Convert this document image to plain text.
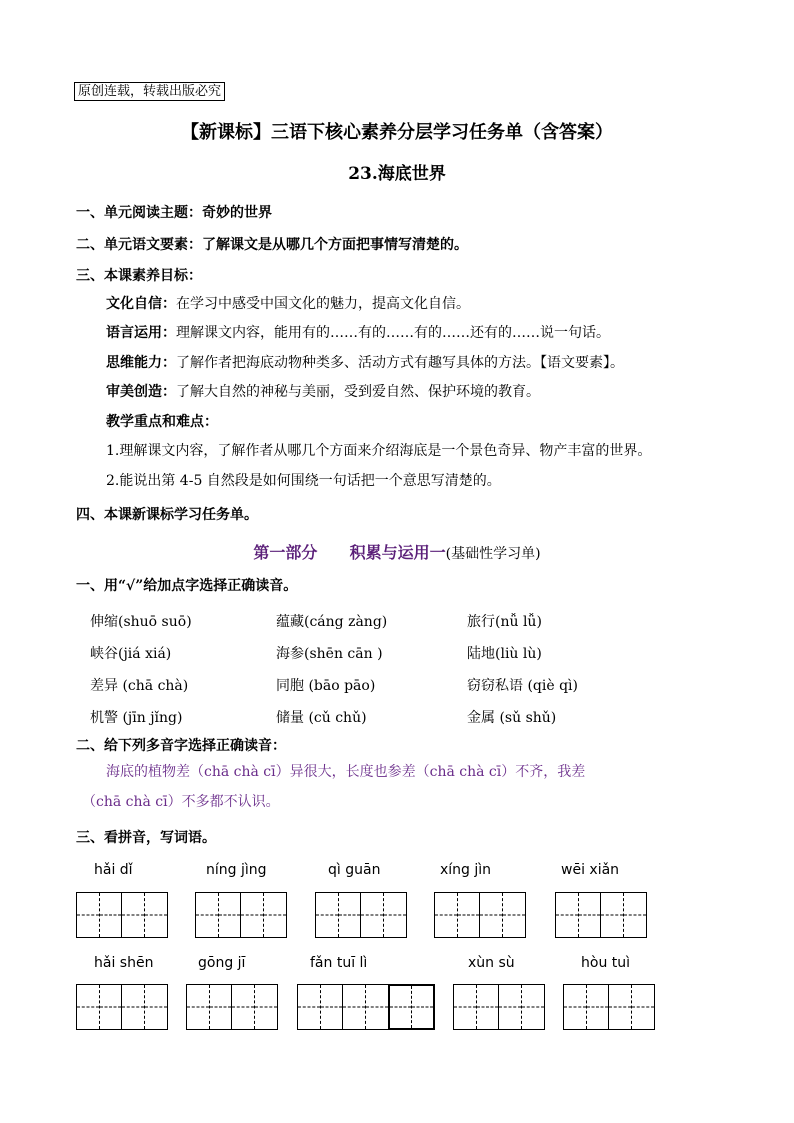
原创连载，转载出版必究
【新课标】三语下核心素养分层学习任务单（含答案）
23.海底世界
一、单元阅读主题：奇妙的世界
二、单元语文要素：了解课文是从哪几个方面把事情写清楚的。
三、本课素养目标：
文化自信：在学习中感受中国文化的魅力，提高文化自信。
语言运用：理解课文内容，能用有的……有的……有的……还有的……说一句话。
思维能力：了解作者把海底动物种类多、活动方式有趣写具体的方法。【语文要素】。
审美创造：了解大自然的神秘与美丽，受到爱自然、保护环境的教育。
教学重点和难点：
1.理解课文内容，了解作者从哪几个方面来介绍海底是一个景色奇异、物产丰富的世界。
2.能说出第 4-5 自然段是如何围绕一句话把一个意思写清楚的。
四、本课新课标学习任务单。
第一部分 积累与运用一(基础性学习单)
一、用“√”给加点字选择正确读音。
伸缩(shuō suō)	蕴藏(cáng zàng)	旅行(nǚ lǚ)
峡谷(jiá xiá)	海参(shēn cān )	陆地(liù lù)
差异 (chā chà)	同胞 (bāo pāo)	窃窃私语 (qiè qì)
机警 (jīn jǐng)	储量 (cǔ chǔ)	金属 (sǔ shǔ)
二、给下列多音字选择正确读音：
海底的植物差（chā chà cī）异很大，长度也参差（chā chà cī）不齐，我差
（chā chà cī）不多都不认识。
三、看拼音，写词语。
hǎi dǐ	níng jìng	qì guān	xíng jìn	wēi xiǎn
hǎi shēn	gōng jī	fǎn tuī lì	xùn sù	hòu tuì
